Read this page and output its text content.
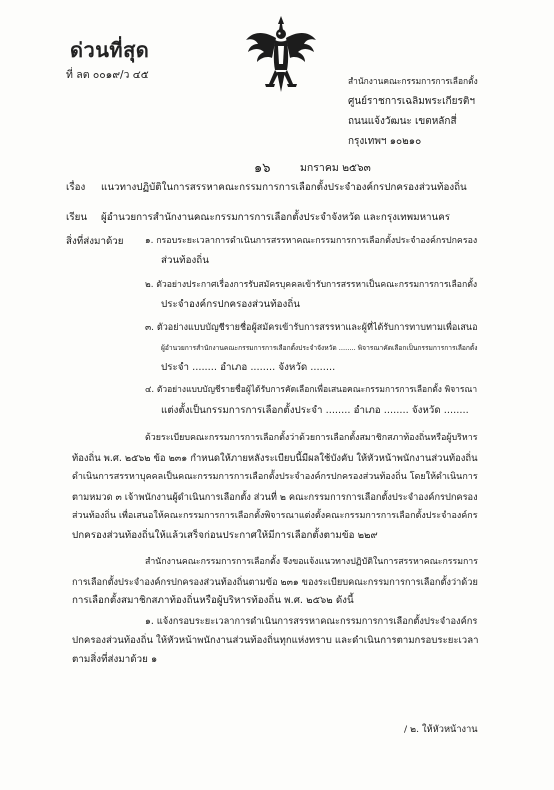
ด่วนที่สุด
ที่ ลต ๐๐๑๙/ว ๔๕	สำนักงานคณะกรรมการการเลือกตั้ง
ศูนย์ราชการเฉลิมพระเกียรติฯ
ถนนแจ้งวัฒนะ เขตหลักสี่
กรุงเทพฯ ๑๐๒๑๐
๑๖	มกราคม ๒๕๖๓
เรื่อง แนวทางปฏิบัติในการสรรหาคณะกรรมการการเลือกตั้งประจำองค์กรปกครองส่วนท้องถิ่น
เรียน ผู้อำนวยการสำนักงานคณะกรรมการการเลือกตั้งประจำจังหวัด และกรุงเทพมหานคร
สิ่งที่ส่งมาด้วย ๑. กรอบระยะเวลาการดำเนินการสรรหาคณะกรรมการการเลือกตั้งประจำองค์กรปกครอง
ส่วนท้องถิ่น
๒. ตัวอย่างประกาศเรื่องการรับสมัครบุคคลเข้ารับการสรรหาเป็นคณะกรรมการการเลือกตั้ง
ประจำองค์กรปกครองส่วนท้องถิ่น
๓. ตัวอย่างแบบบัญชีรายชื่อผู้สมัครเข้ารับการสรรหาและผู้ที่ได้รับการทาบทามเพื่อเสนอ
ผู้อำนวยการสำนักงานคณะกรรมการการเลือกตั้งประจำจังหวัด ........ พิจารณาคัดเลือกเป็นกรรมการการเลือกตั้ง
ประจำ ........ อำเภอ ........ จังหวัด ........
๔. ตัวอย่างแบบบัญชีรายชื่อผู้ได้รับการคัดเลือกเพื่อเสนอคณะกรรมการการเลือกตั้ง พิจารณา
แต่งตั้งเป็นกรรมการการเลือกตั้งประจำ ........ อำเภอ ........ จังหวัด ........
ด้วยระเบียบคณะกรรมการการเลือกตั้งว่าด้วยการเลือกตั้งสมาชิกสภาท้องถิ่นหรือผู้บริหาร
ท้องถิ่น พ.ศ. ๒๕๖๒ ข้อ ๒๓๑ กำหนดให้ภายหลังระเบียบนี้มีผลใช้บังคับ ให้หัวหน้าพนักงานส่วนท้องถิ่น
ดำเนินการสรรหาบุคคลเป็นคณะกรรมการการเลือกตั้งประจำองค์กรปกครองส่วนท้องถิ่น โดยให้ดำเนินการ
ตามหมวด ๓ เจ้าพนักงานผู้ดำเนินการเลือกตั้ง ส่วนที่ ๒ คณะกรรมการการเลือกตั้งประจำองค์กรปกครอง
ส่วนท้องถิ่น เพื่อเสนอให้คณะกรรมการการเลือกตั้งพิจารณาแต่งตั้งคณะกรรมการการเลือกตั้งประจำองค์กร
ปกครองส่วนท้องถิ่นให้แล้วเสร็จก่อนประกาศให้มีการเลือกตั้งตามข้อ ๒๒๙
สำนักงานคณะกรรมการการเลือกตั้ง จึงขอแจ้งแนวทางปฏิบัติในการสรรหาคณะกรรมการ
การเลือกตั้งประจำองค์กรปกครองส่วนท้องถิ่นตามข้อ ๒๓๑ ของระเบียบคณะกรรมการการเลือกตั้งว่าด้วย
การเลือกตั้งสมาชิกสภาท้องถิ่นหรือผู้บริหารท้องถิ่น พ.ศ. ๒๕๖๒ ดังนี้
๑. แจ้งกรอบระยะเวลาการดำเนินการสรรหาคณะกรรมการการเลือกตั้งประจำองค์กร
ปกครองส่วนท้องถิ่น ให้หัวหน้าพนักงานส่วนท้องถิ่นทุกแห่งทราบ และดำเนินการตามกรอบระยะเวลา
ตามสิ่งที่ส่งมาด้วย ๑
/ ๒. ให้หัวหน้างาน
